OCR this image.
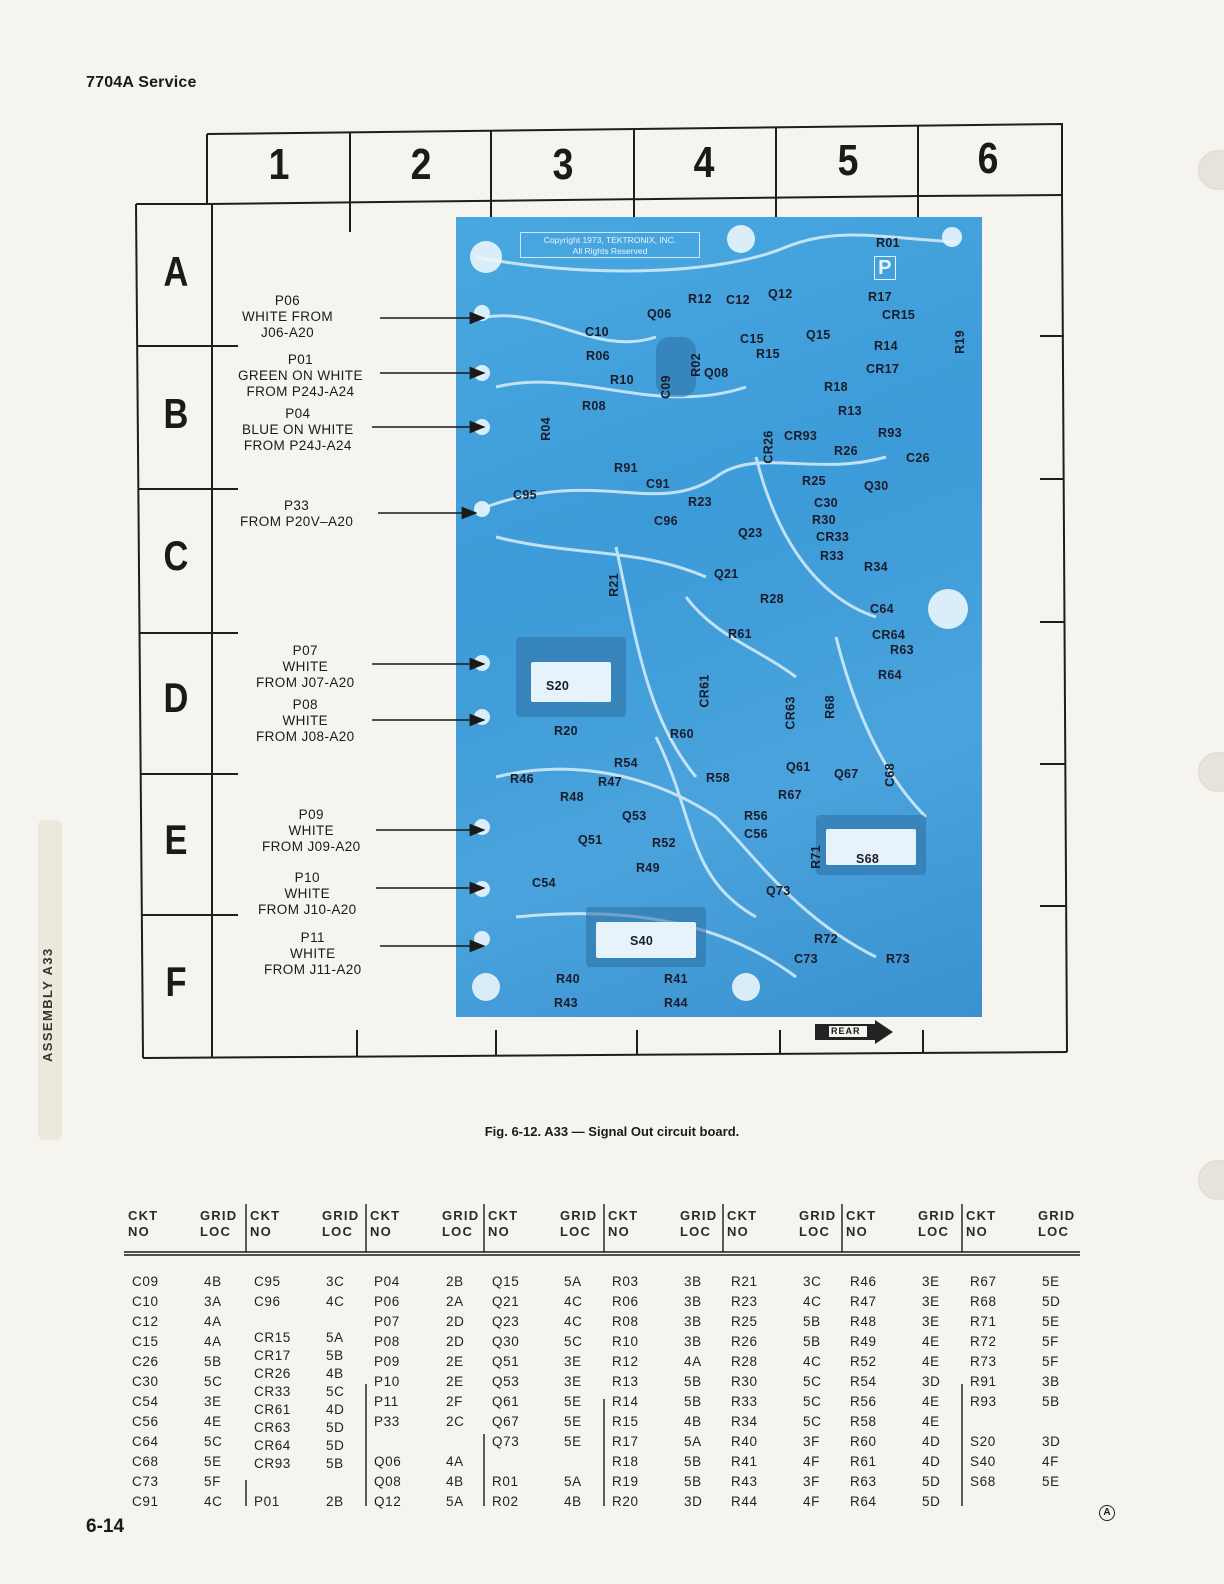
ASSEMBLY A33
7704A Service
1	2	3	4	5	6
A
B
C
D
E
F
Copyright 1973, TEKTRONIX, INC.
All Rights Reserved
P
R01
R12 C12 Q12	R17
CR15
R19
Q06
C10	C15	Q15
R14
R06	R15
R02
C09
Q08
R10
CR17
R18
R08
R04
R13
CR26 CR93	R93
R26	C26
R91
C91	R25	Q30
C95	R23	C30
C96	R30
Q23	CR33
R33
R34
R21	Q21
R28
C64
R61	CR64
R63
R64
S20	CR61
CR63 R68
R20	R60
C68
R54	Q61 Q67
R46	R47	R58
R67
R48
Q53	R56
C56
R52
Q51
R71	S68
R49
C54
Q73
S40	R72
C73	R73
R40	R41
R43	R44
P06
WHITE FROM
J06-A20
P01
GREEN ON WHITE
FROM P24J-A24
P04
BLUE ON WHITE
FROM P24J-A24
P33
FROM P20V–A20
P07
WHITE
FROM J07-A20
P08
WHITE
FROM J08-A20
P09
WHITE
FROM J09-A20
P10
WHITE
FROM J10-A20
P11
WHITE
FROM J11-A20
REAR
Fig. 6-12. A33 — Signal Out circuit board.
CKT
NO
GRID
LOC
C09	4B
C10	3A
C12	4A
C15	4A
C26	5B
C30	5C
C54	3E
C56	4E
C64	5C
C68	5E
C73	5F
C91	4C
CKT
NO
GRID
LOC
C95	3C
C96	4C
CR15	5A
CR17	5B
CR26	4B
CR33	5C
CR61	4D
CR63	5D
CR64	5D
CR93	5B
P01	2B
CKT
NO
GRID
LOC
P04	2B
P06	2A
P07	2D
P08	2D
P09	2E
P10	2E
P11	2F
P33	2C
Q06	4A
Q08	4B
Q12	5A
CKT
NO
GRID
LOC
Q15	5A
Q21	4C
Q23	4C
Q30	5C
Q51	3E
Q53	3E
Q61	5E
Q67	5E
Q73	5E
R01	5A
R02	4B
CKT
NO
GRID
LOC
R03	3B
R06	3B
R08	3B
R10	3B
R12	4A
R13	5B
R14	5B
R15	4B
R17	5A
R18	5B
R19	5B
R20	3D
CKT
NO
GRID
LOC
R21	3C
R23	4C
R25	5B
R26	5B
R28	4C
R30	5C
R33	5C
R34	5C
R40	3F
R41	4F
R43	3F
R44	4F
CKT
NO
GRID
LOC
R46	3E
R47	3E
R48	3E
R49	4E
R52	4E
R54	3D
R56	4E
R58	4E
R60	4D
R61	4D
R63	5D
R64	5D
CKT
NO
GRID
LOC
R67	5E
R68	5D
R71	5E
R72	5F
R73	5F
R91	3B
R93	5B
S20	3D
S40	4F
S68	5E
6-14
A
